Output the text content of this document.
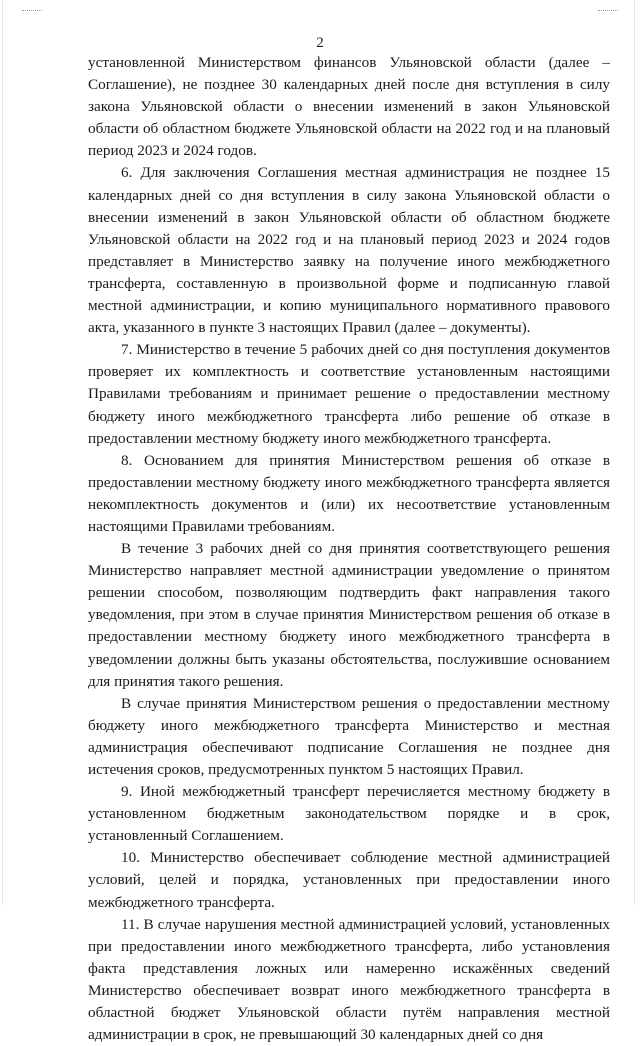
2

установленной Министерством финансов Ульяновской области (далее – Соглашение), не позднее 30 календарных дней после дня вступления в силу закона Ульяновской области о внесении изменений в закон Ульяновской области об областном бюджете Ульяновской области на 2022 год и на плановый период 2023 и 2024 годов.

6. Для заключения Соглашения местная администрация не позднее 15 календарных дней со дня вступления в силу закона Ульяновской области о внесении изменений в закон Ульяновской области об областном бюджете Ульяновской области на 2022 год и на плановый период 2023 и 2024 годов представляет в Министерство заявку на получение иного межбюджетного трансферта, составленную в произвольной форме и подписанную главой местной администрации, и копию муниципального нормативного правового акта, указанного в пункте 3 настоящих Правил (далее – документы).

7. Министерство в течение 5 рабочих дней со дня поступления документов проверяет их комплектность и соответствие установленным настоящими Правилами требованиям и принимает решение о предоставлении местному бюджету иного межбюджетного трансферта либо решение об отказе в предоставлении местному бюджету иного межбюджетного трансферта.

8. Основанием для принятия Министерством решения об отказе в предоставлении местному бюджету иного межбюджетного трансферта является некомплектность документов и (или) их несоответствие установленным настоящими Правилами требованиям.

В течение 3 рабочих дней со дня принятия соответствующего решения Министерство направляет местной администрации уведомление о принятом решении способом, позволяющим подтвердить факт направления такого уведомления, при этом в случае принятия Министерством решения об отказе в предоставлении местному бюджету иного межбюджетного трансферта в уведомлении должны быть указаны обстоятельства, послужившие основанием для принятия такого решения.

В случае принятия Министерством решения о предоставлении местному бюджету иного межбюджетного трансферта Министерство и местная администрация обеспечивают подписание Соглашения не позднее дня истечения сроков, предусмотренных пунктом 5 настоящих Правил.

9. Иной межбюджетный трансферт перечисляется местному бюджету в установленном бюджетным законодательством порядке и в срок, установленный Соглашением.

10. Министерство обеспечивает соблюдение местной администрацией условий, целей и порядка, установленных при предоставлении иного межбюджетного трансферта.

11. В случае нарушения местной администрацией условий, установленных при предоставлении иного межбюджетного трансферта, либо установления факта представления ложных или намеренно искажённых сведений Министерство обеспечивает возврат иного межбюджетного трансферта в областной бюджет Ульяновской области путём направления местной администрации в срок, не превышающий 30 календарных дней со дня
